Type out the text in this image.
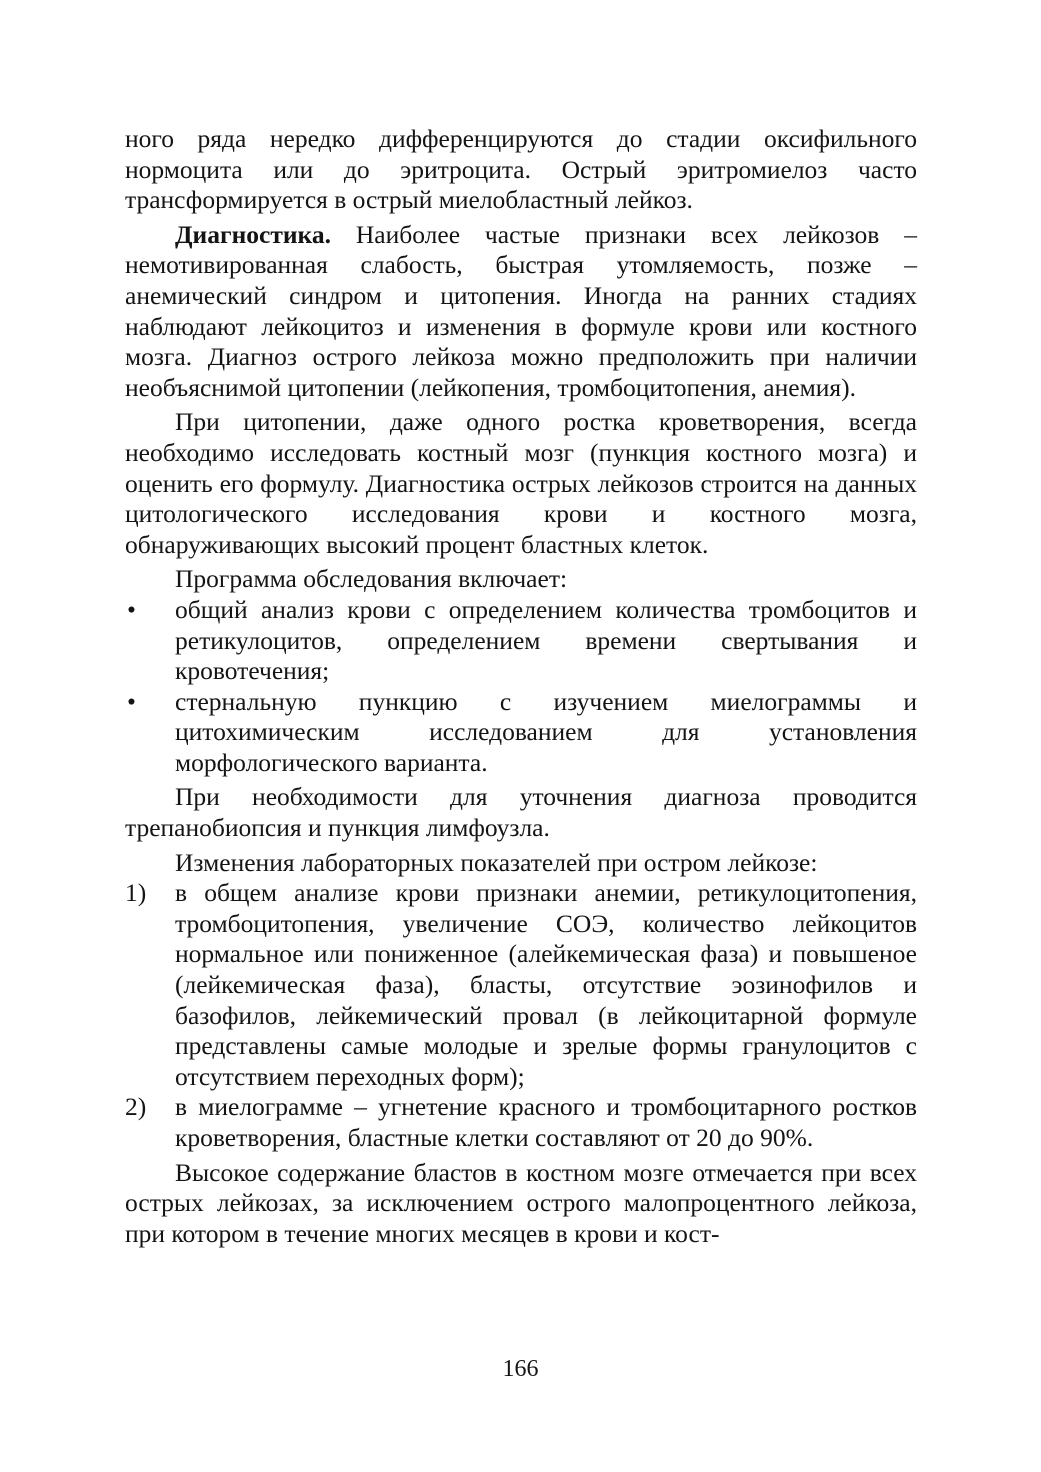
ного ряда нередко дифференцируются до стадии оксифильного нормоцита или до эритроцита. Острый эритромиелоз часто трансформируется в острый миелобластный лейкоз.

Диагностика. Наиболее частые признаки всех лейкозов – немотивированная слабость, быстрая утомляемость, позже – анемический синдром и цитопения. Иногда на ранних стадиях наблюдают лейкоцитоз и изменения в формуле крови или костного мозга. Диагноз острого лейкоза можно предположить при наличии необъяснимой цитопении (лейкопения, тромбоцитопения, анемия).

При цитопении, даже одного ростка кроветворения, всегда необходимо исследовать костный мозг (пункция костного мозга) и оценить его формулу. Диагностика острых лейкозов строится на данных цитологического исследования крови и костного мозга, обнаруживающих высокий процент бластных клеток.

Программа обследования включает:

•	общий анализ крови с определением количества тромбоцитов и ретикулоцитов, определением времени свертывания и кровотечения;
•	стернальную пункцию с изучением миелограммы и цитохимическим исследованием для установления морфологического варианта.

При необходимости для уточнения диагноза проводится трепанобиопсия и пункция лимфоузла.

Изменения лабораторных показателей при остром лейкозе:

1)	в общем анализе крови признаки анемии, ретикулоцитопения, тромбоцитопения, увеличение СОЭ, количество лейкоцитов нормальное или пониженное (алейкемическая фаза) и повышеное (лейкемическая фаза), бласты, отсутствие эозинофилов и базофилов, лейкемический провал (в лейкоцитарной формуле представлены самые молодые и зрелые формы гранулоцитов с отсутствием переходных форм);
2)	в миелограмме – угнетение красного и тромбоцитарного ростков кроветворения, бластные клетки составляют от 20 до 90%.

Высокое содержание бластов в костном мозге отмечается при всех острых лейкозах, за исключением острого малопроцентного лейкоза, при котором в течение многих месяцев в крови и кост-

166
